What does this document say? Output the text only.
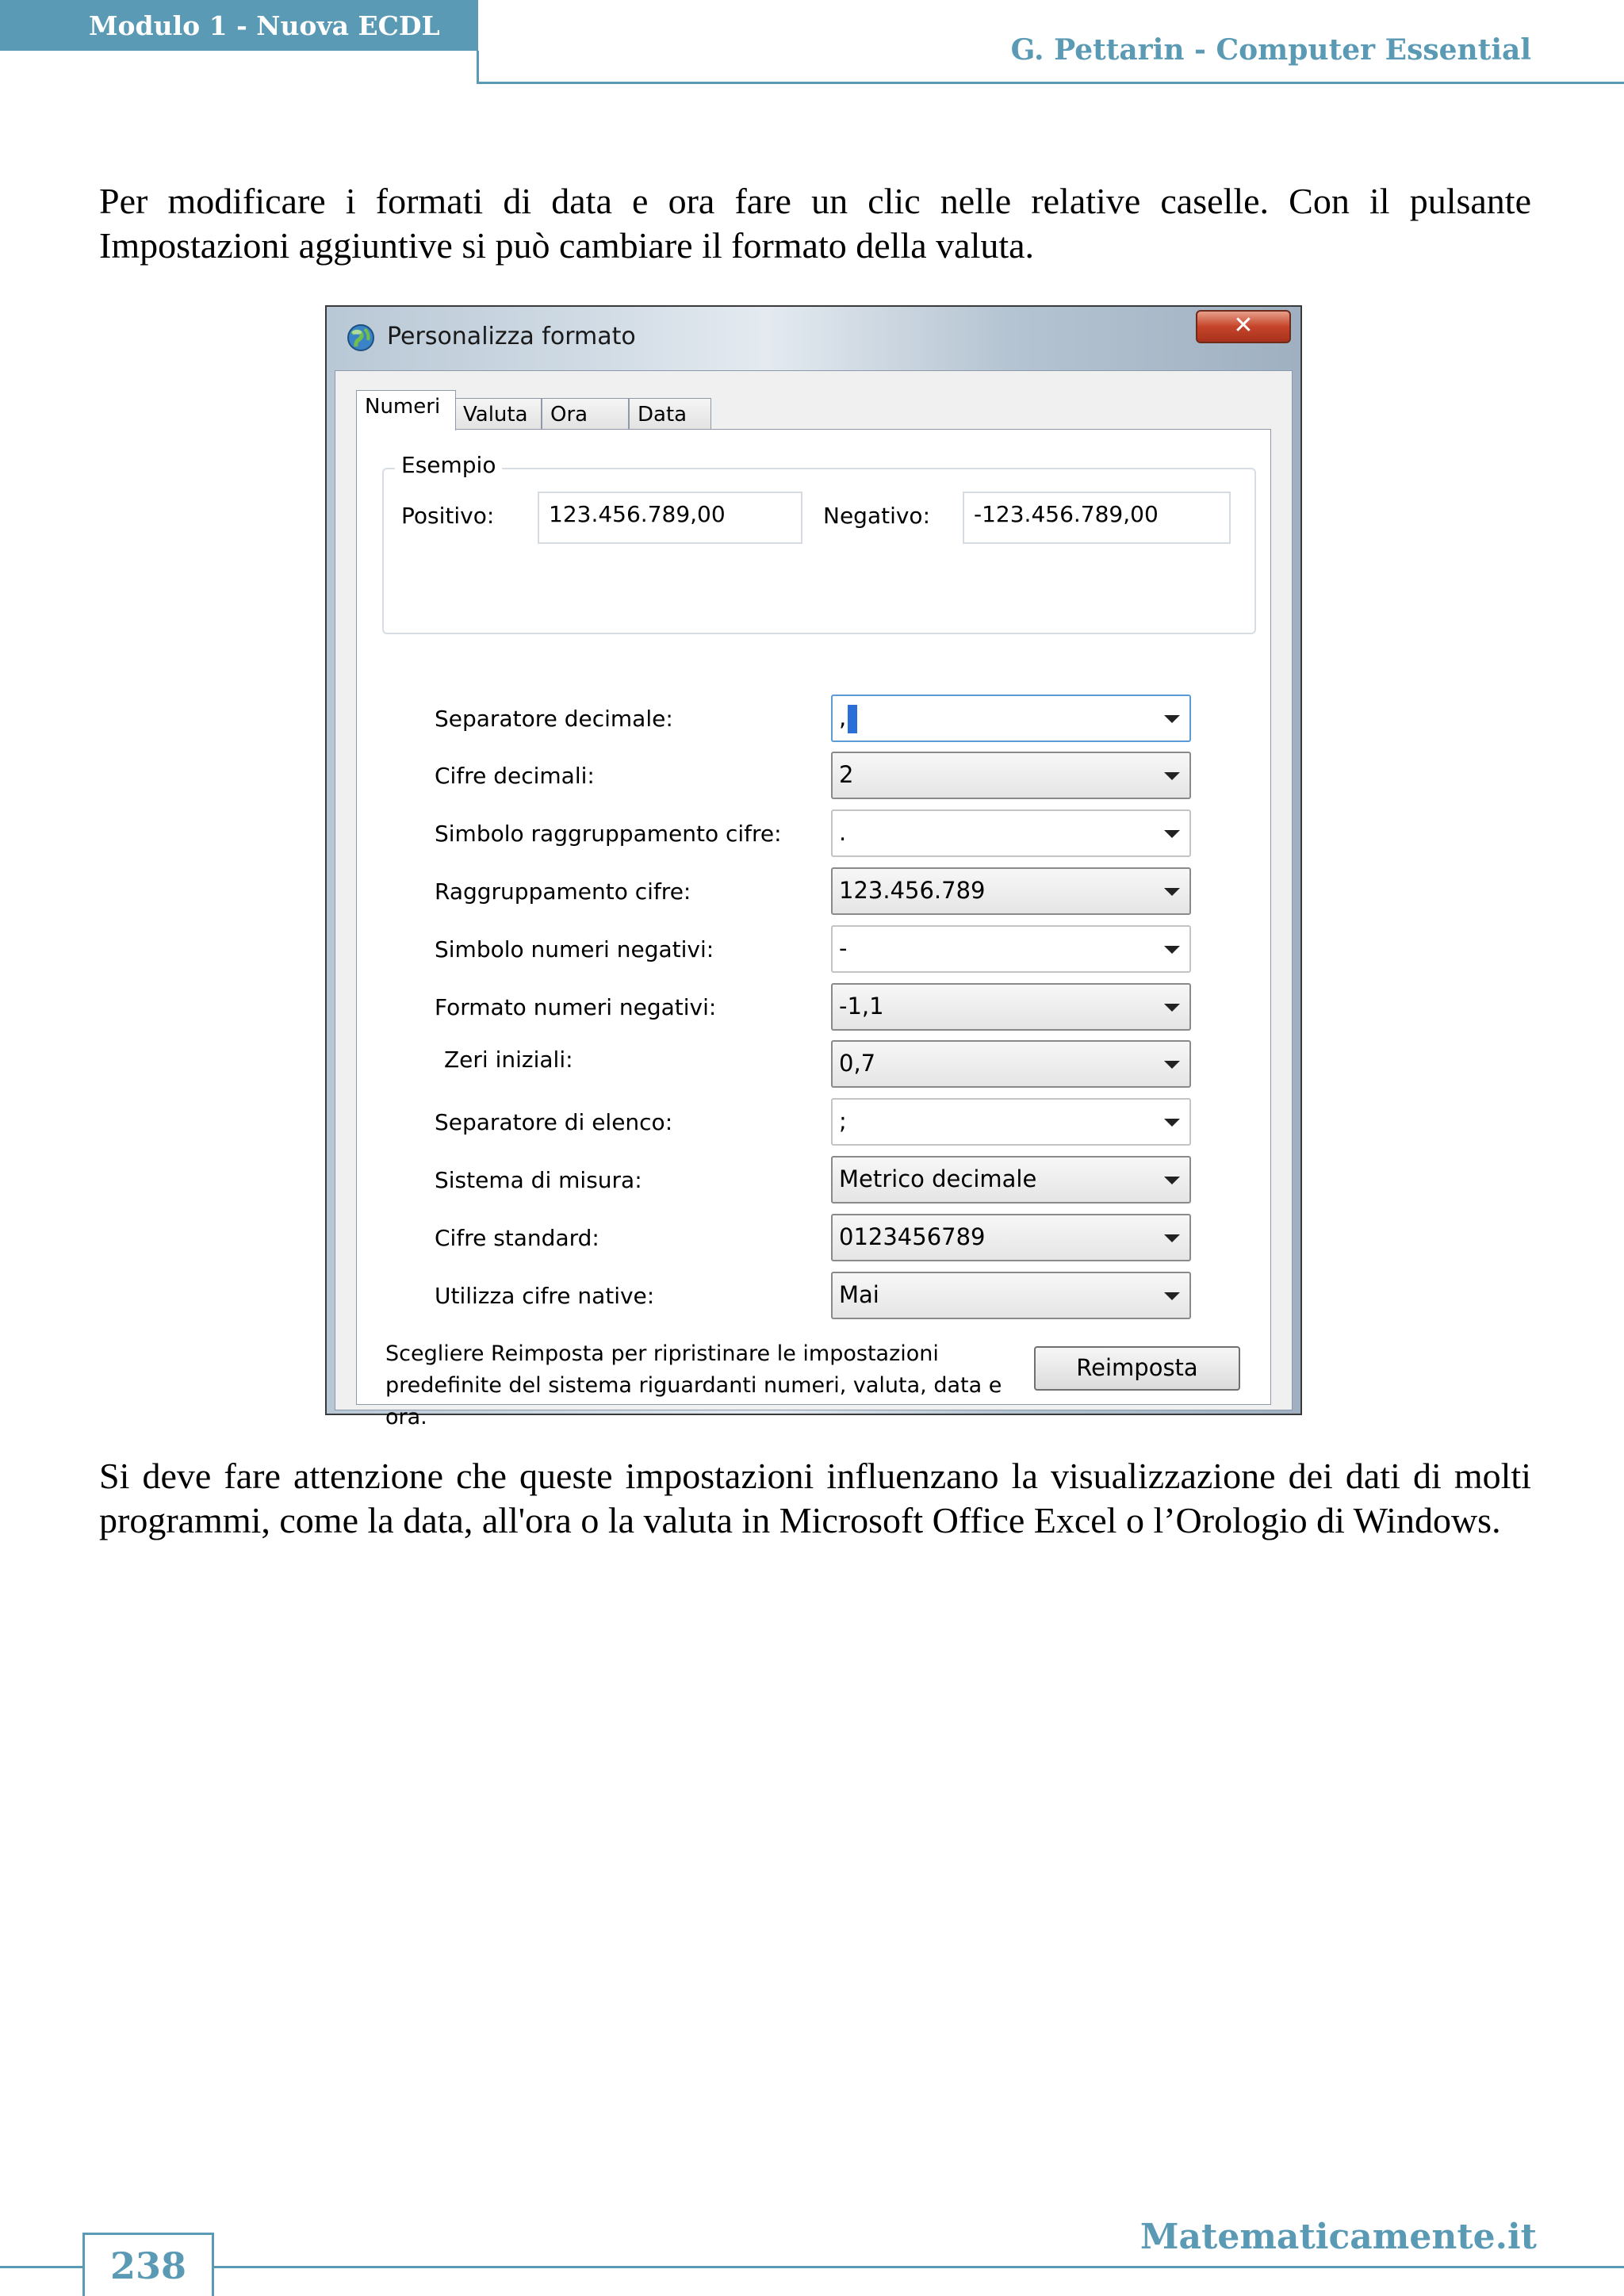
Modulo 1 - Nuova ECDL
G. Pettarin - Computer Essential

Per modificare i formati di data e ora fare un clic nelle relative caselle. Con il pulsante Impostazioni aggiuntive si può cambiare il formato della valuta.

Personalizza formato	✕
Numeri	Valuta	Ora	Data
Esempio
Positivo:	123.456.789,00	Negativo:	-123.456.789,00
Separatore decimale:	,
Cifre decimali:	2
Simbolo raggruppamento cifre:	.
Raggruppamento cifre:	123.456.789
Simbolo numeri negativi:	-
Formato numeri negativi:	-1,1
Zeri iniziali:	0,7
Separatore di elenco:	;
Sistema di misura:	Metrico decimale
Cifre standard:	0123456789
Utilizza cifre native:	Mai
Scegliere Reimposta per ripristinare le impostazioni predefinite del sistema riguardanti numeri, valuta, data e ora.
Reimposta

Si deve fare attenzione che queste impostazioni influenzano la visualizzazione dei dati di molti programmi, come la data, all'ora o la valuta in Microsoft Office Excel o l’Orologio di Windows.

238
Matematicamente.it
